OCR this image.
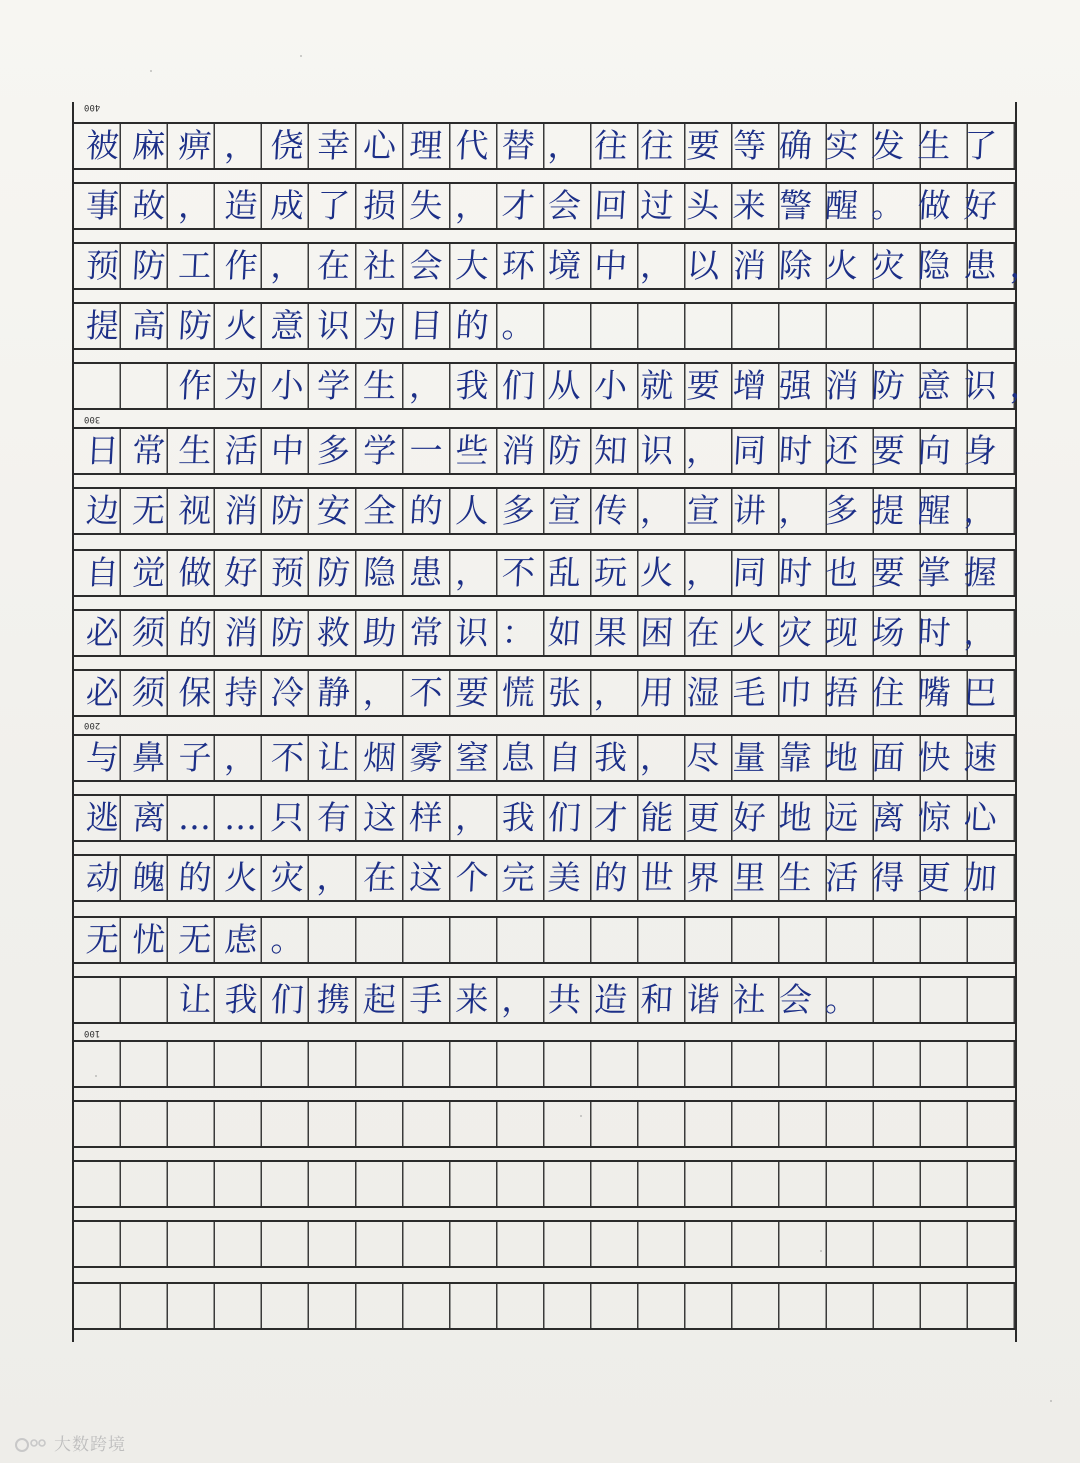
被麻痹，侥幸心理代替，往往要等确实发生了
事故，造成了损失，才会回过头来警醒。做好
预防工作，在社会大环境中，以消除火灾隐患，
提高防火意识为目的。
　　作为小学生，我们从小就要增强消防意识，
日常生活中多学一些消防知识，同时还要向身
边无视消防安全的人多宣传，宣讲，多提醒，
自觉做好预防隐患，不乱玩火，同时也要掌握
必须的消防救助常识：如果困在火灾现场时，
必须保持冷静，不要慌张，用湿毛巾捂住嘴巴
与鼻子，不让烟雾窒息自我，尽量靠地面快速
逃离……只有这样，我们才能更好地远离惊心
动魄的火灾，在这个完美的世界里生活得更加
无忧无虑。
　　让我们携起手来，共造和谐社会。
400
300
200
100
大数跨境
